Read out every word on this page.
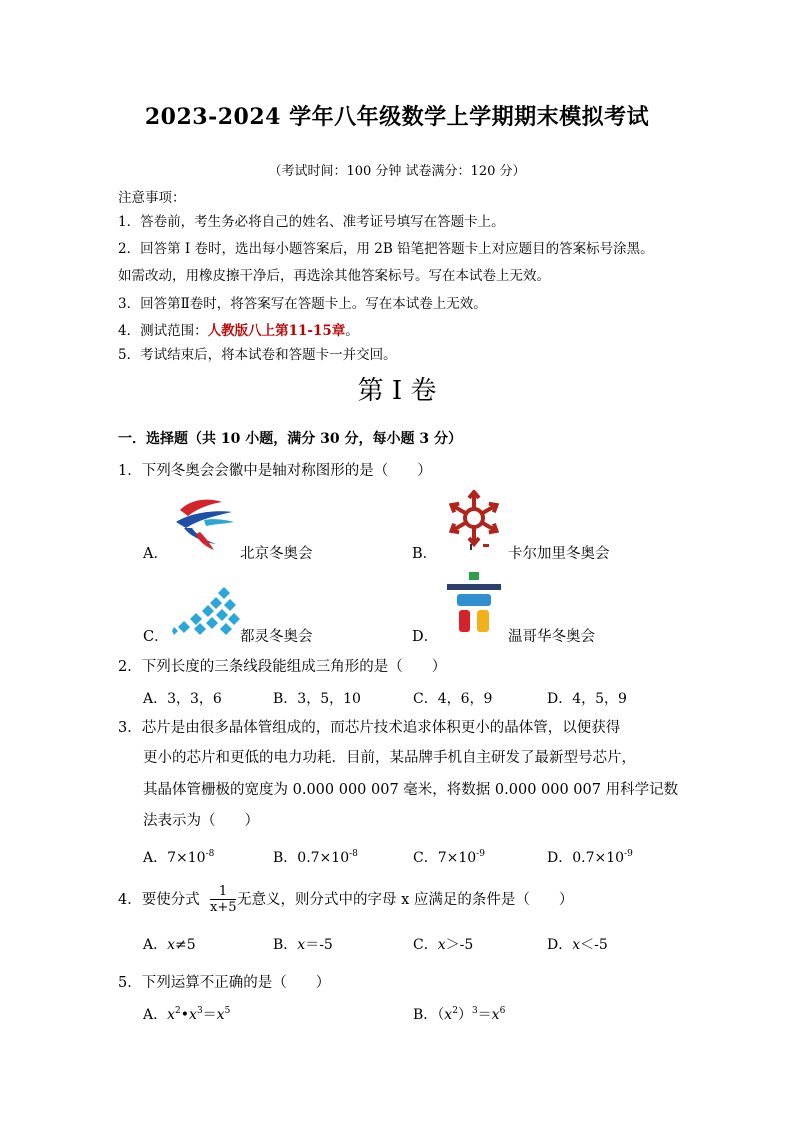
2023-2024 学年八年级数学上学期期末模拟考试
（考试时间：100 分钟 试卷满分：120 分）
注意事项：
1．答卷前，考生务必将自己的姓名、准考证号填写在答题卡上。
2．回答第 I 卷时，选出每小题答案后，用 2B 铅笔把答题卡上对应题目的答案标号涂黑。
如需改动，用橡皮擦干净后，再选涂其他答案标号。写在本试卷上无效。
3．回答第Ⅱ卷时，将答案写在答题卡上。写在本试卷上无效。
4．测试范围：人教版八上第11-15章。
5．考试结束后，将本试卷和答题卡一并交回。
第 I 卷
一．选择题（共 10 小题，满分 30 分，每小题 3 分）
1．下列冬奥会会徽中是轴对称图形的是（　　）
A．	北京冬奥会	B．	卡尔加里冬奥会
C．	都灵冬奥会	D．	温哥华冬奥会
2．下列长度的三条线段能组成三角形的是（　　）
A．3，3，6	B．3，5，10	C．4，6，9	D．4，5，9
3．芯片是由很多晶体管组成的，而芯片技术追求体积更小的晶体管，以便获得
更小的芯片和更低的电力功耗．目前，某品牌手机自主研发了最新型号芯片，
其晶体管栅极的宽度为 0.000 000 007 毫米，将数据 0.000 000 007 用科学记数
法表示为（　　）
A．$7\times 10^{-8}$	B．$0.7\times 10^{-8}$	C．$7\times 10^{-9}$	D．$0.7\times 10^{-9}$
4．要使分式 $\frac{1}{x+5}$ 无意义，则分式中的字母 x 应满足的条件是（　　）
A．x≠5	B．x＝-5	C．x＞-5	D．x＜-5
5．下列运算不正确的是（　　）
A．$x^2•x^3=x^5$	B．$(x^2)^3=x^6$
